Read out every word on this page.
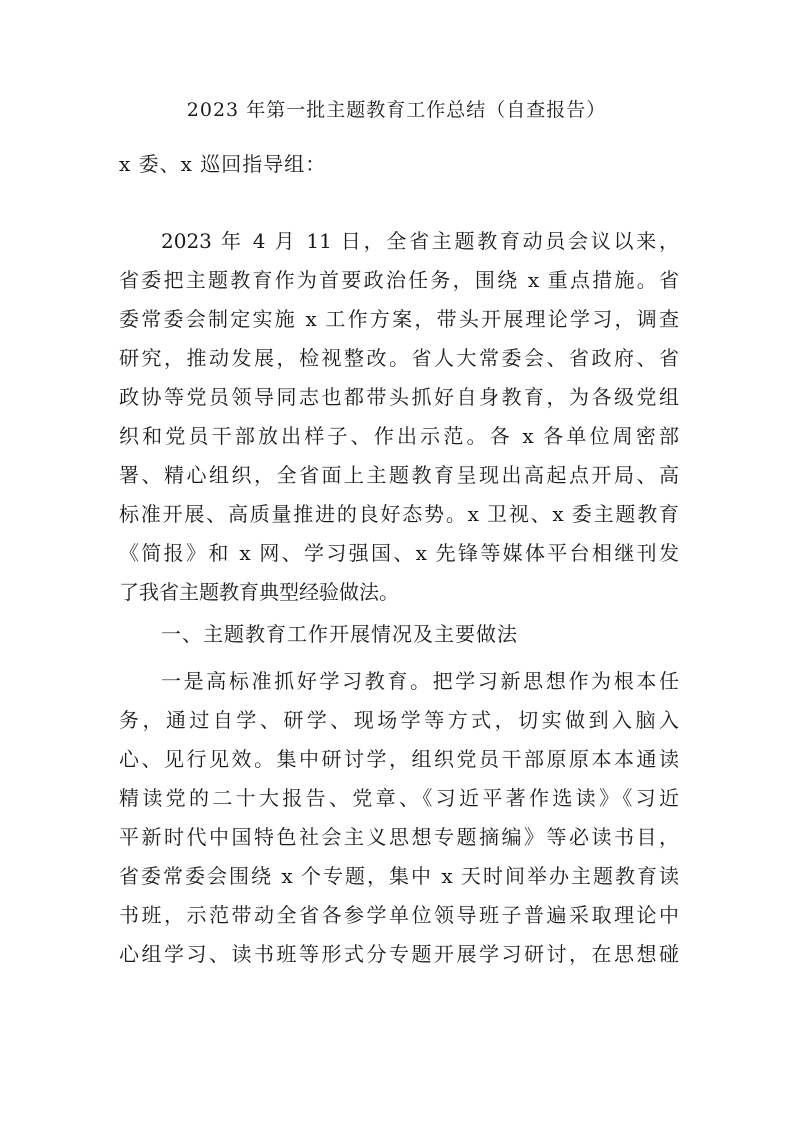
2023 年第一批主题教育工作总结（自查报告）
x 委、x 巡回指导组：
2023 年 4 月 11 日，全省主题教育动员会议以来，
省委把主题教育作为首要政治任务，围绕 x 重点措施。省
委常委会制定实施 x 工作方案，带头开展理论学习，调查
研究，推动发展，检视整改。省人大常委会、省政府、省
政协等党员领导同志也都带头抓好自身教育，为各级党组
织和党员干部放出样子、作出示范。各 x 各单位周密部
署、精心组织，全省面上主题教育呈现出高起点开局、高
标准开展、高质量推进的良好态势。x 卫视、x 委主题教育
《简报》和 x 网、学习强国、x 先锋等媒体平台相继刊发
了我省主题教育典型经验做法。
一、主题教育工作开展情况及主要做法
一是高标准抓好学习教育。把学习新思想作为根本任
务，通过自学、研学、现场学等方式，切实做到入脑入
心、见行见效。集中研讨学，组织党员干部原原本本通读
精读党的二十大报告、党章、《习近平著作选读》《习近
平新时代中国特色社会主义思想专题摘编》等必读书目，
省委常委会围绕 x 个专题，集中 x 天时间举办主题教育读
书班，示范带动全省各参学单位领导班子普遍采取理论中
心组学习、读书班等形式分专题开展学习研讨，在思想碰
